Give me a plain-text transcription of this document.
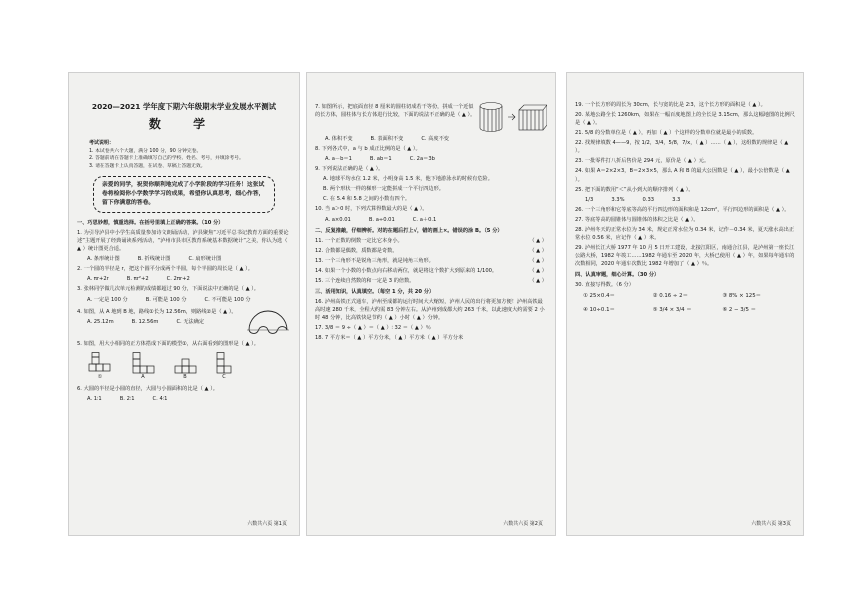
2020—2021 学年度下期六年级期末学业发展水平测试
数 学
考试说明：
1. 本试卷共六个大题，满分 100 分，90 分钟完卷。
2. 答题前请在答题卡上准确填写自己的学校、姓名、考号，并填涂考号。
3. 请在答题卡上认真答题，在试卷、草稿上答题无效。
亲爱的同学，祝贺你顺利地完成了小学阶段的学习任务！这张试卷将检阅你小学数学学习的成果，希望你认真思考，细心作答，留下你满意的答卷。
一、巧思妙想，慎重选择。在括号里填上正确的答案。（10 分）
1. 为引导泸县中小学生高质量参加诗文朗诵活动，泸县聚焦“习近平总书记教育方面的重要论述”主题开展了经典诵读系列活动，“泸州市县市区教育系统基本数据统计”之美，你认为选（ ▲ ）统计图更合适。
A. 条形统计图	B. 折线统计图	C. 扇形统计图
2. 一个圆的半径是 r，把这个圆平分成两个半圆，每个半圆的周长是（ ▲ ）。
A. πr+2r	B. πr²+2	C. 2πr+2
3. 张林同学做几次单元检测的成绩都超过 90 分，下面说法中正确的是（ ▲ ）。
A. 一定是 100 分	B. 可能是 100 分	C. 不可能是 100 分
4. 如图，从 A 地到 B 地，路线①长为 12.56m，则路线②是（ ▲ ）。
A. 25.12m	B. 12.56m	C. 无法确定
5. 如图，用大小相同的正方体搭成下面的模型①，从右面看到的图形是（ ▲ ）。
①	A	B	C
6. 大圆的半径是小圆的直径，大圆与小圆面积的比是（ ▲ ）。
A. 1∶1	B. 2∶1	C. 4∶1
六数共六页 第1页
7. 如图所示，把底面直径 8 厘米的圆柱切成若干等份，拼成一个近似的长方体，圆柱体与长方体进行比较，下面的说法不正确的是（ ▲ ）。
A. 体积不变	B. 表面积不变	C. 高度不变
8. 下列各式中，a 与 b 成正比例的是（ ▲ ）。
A. a－b＝1	B. ab＝1	C. 2a＝3b
9. 下列说法正确的是（ ▲ ）。
A. 地球平均水位 1.2 米，小明身高 1.5 米，他下地游泳水的时候有危险。
B. 两个形状一样的梯形一定能拼成一个平行四边形。
C. 在 5.4 和 5.8 之间的小数有四个。
10. 当 a＞0 时，下列式算得数最大的是（ ▲ ）。
A. a×0.01	B. a÷0.01	C. a＋0.1
二、反复推敲，仔细辨析。对的在题后打上√，错的画上×。错误的涂 B。（5 分）
11. 一个正数的倒数一定比它本身小。	（ ▲ ）
12. 合数都是偶数，质数都是奇数。	（ ▲ ）
13. 一个三角形不是锐角三角形，就是钝角三角形。	（ ▲ ）
14. 如果一个小数的小数点向右移动两位，就是将这个数扩大到原来的 1/100。	（ ▲ ）
15. 三个连续自然数的和一定是 3 的倍数。	（ ▲ ）
三、活用知识，认真填空。（每空 1 分，共 20 分）
16. 泸州高铁正式通车，泸州至成都的运行时间大大缩短，泸州人民的出行将更加方便！泸州高铁最高时速 280 千米，全程大约需 83 分钟左右。从泸州到成都大约 263 千米，以此速度大约需要 2 小时 48 分钟，比高铁快是节约（ ▲ ）小时（ ▲ ）分钟。
17. 3/8 ＝ 9 ÷（ ▲ ）＝（ ▲ ）∶ 32 ＝（ ▲ ）％
18. 7 平方米＝（ ▲ ）平方分米，（ ▲ ）平方米（ ▲ ）平方分米
六数共六页 第2页
19. 一个长方形的周长为 30cm，长与宽的比是 2∶3，这个长方形的面积是（ ▲ ）。
20. 某地公路全长 1260km，如果在一幅百度地图上的全长是 3.15cm，那么这幅地图的比例尺是（ ▲ ）。
21. 5/8 的分数单位是（ ▲ ），再加（ ▲ ）个这样的分数单位就是最小的质数。
22. 找规律填数 4——9，按 1/2，3/4，5/8，7/x，（ ▲ ）……（ ▲ ），这组数的规律是（ ▲ ）。
23. 一批零件打八折后售价是 294 元，原价是（ ▲ ）元。
24. 如果 A＝2×2×3，B＝2×3×5，那么 A 和 B 的最大公因数是（ ▲ ），最小公倍数是（ ▲ ）。
25. 把下面的数用“＜”从小到大的顺序排列（ ▲ ）。
1/3	3.3%	0.33	3.3
26. 一个三角形和它等底等高的平行四边形的面积和是 12cm²，平行四边形的面积是（ ▲ ）。
27. 等底等高的圆锥体与圆锥体的体积之比是（ ▲ ）。
28. 泸州冬天的正常水位为 34 米，规定正常水位为 0.34 米，记作－0.34 米，夏天涨水高出正常水位 0.56 米，应记作（ ▲ ）米。
29. 泸州长江大桥 1977 年 10 月 5 日开工建设，北接江阳区，南通合江县，是泸州第一座长江公路大桥，1982 年竣工……1982 年通车至 2020 年，大桥已使用（ ▲ ）年，如果每年通车的次数相同，2020 年通车次数比 1982 年增加了（ ▲ ）％。
四、认真审题，细心计算。（30 分）
30. 直接写得数。（6 分）
① 25×0.4＝	② 0.16 ÷ 2＝	③ 8% × 125＝
④ 10÷0.1＝	⑤ 3/4 × 3/4 ＝	⑥ 2 − 3/5 ＝
六数共六页 第3页
